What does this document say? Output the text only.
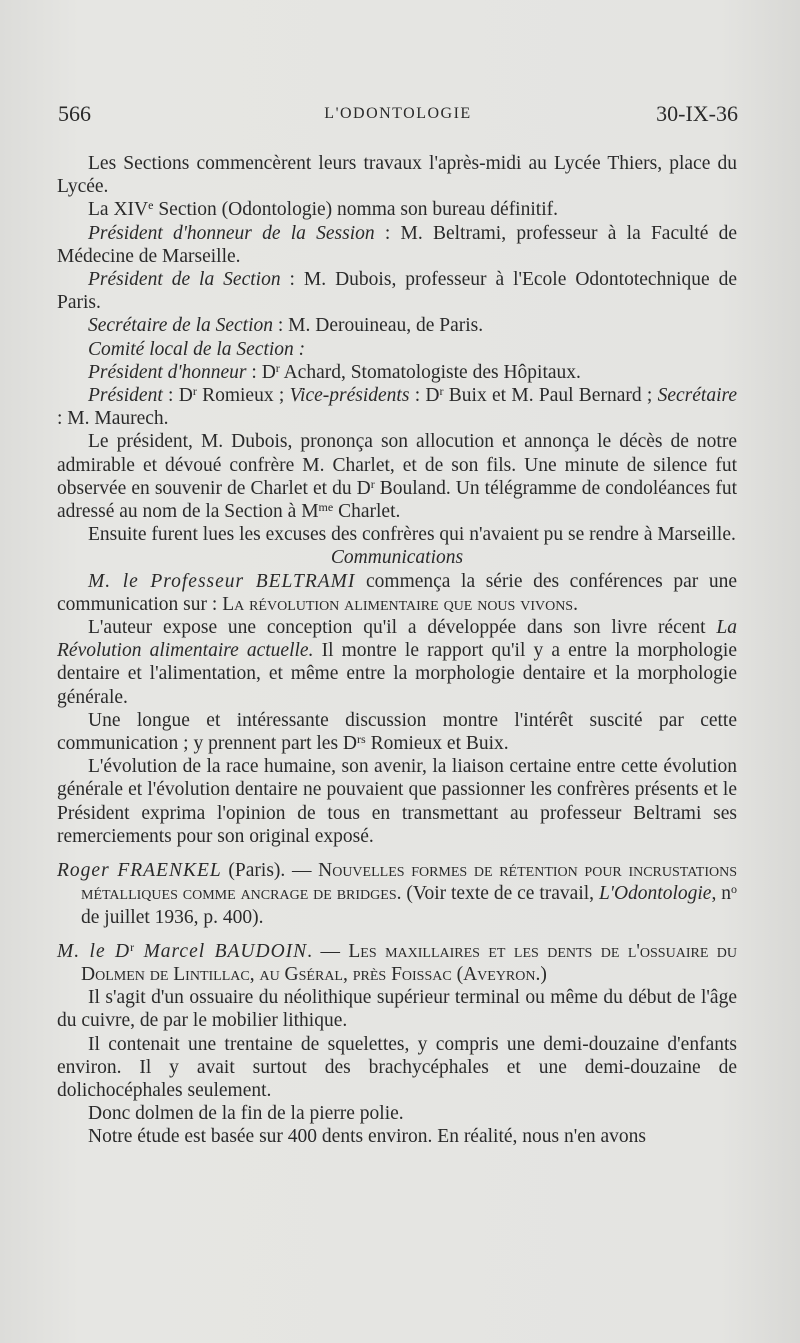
566	L'ODONTOLOGIE	30-IX-36

Les Sections commencèrent leurs travaux l'après-midi au Lycée Thiers, place du Lycée.

La XIVe Section (Odontologie) nomma son bureau définitif.

Président d'honneur de la Session : M. Beltrami, professeur à la Faculté de Médecine de Marseille.

Président de la Section : M. Dubois, professeur à l'Ecole Odontotechnique de Paris.

Secrétaire de la Section : M. Derouineau, de Paris.

Comité local de la Section :

Président d'honneur : $D^r$ Achard, Stomatologiste des Hôpitaux.

Président : $D^r$ Romieux ; Vice-présidents : $D^r$ Buix et M. Paul Bernard ; Secrétaire : M. Maurech.

Le président, M. Dubois, prononça son allocution et annonça le décès de notre admirable et dévoué confrère M. Charlet, et de son fils. Une minute de silence fut observée en souvenir de Charlet et du $D^r$ Bouland. Un télégramme de condoléances fut adressé au nom de la Section à $M^{me}$ Charlet.

Ensuite furent lues les excuses des confrères qui n'avaient pu se rendre à Marseille.

Communications

M. le Professeur BELTRAMI commença la série des conférences par une communication sur : La révolution alimentaire que nous vivons.

L'auteur expose une conception qu'il a développée dans son livre récent La Révolution alimentaire actuelle. Il montre le rapport qu'il y a entre la morphologie dentaire et l'alimentation, et même entre la morphologie dentaire et la morphologie générale.

Une longue et intéressante discussion montre l'intérêt suscité par cette communication ; y prennent part les $D^{rs}$ Romieux et Buix.

L'évolution de la race humaine, son avenir, la liaison certaine entre cette évolution générale et l'évolution dentaire ne pouvaient que passionner les confrères présents et le Président exprima l'opinion de tous en transmettant au professeur Beltrami ses remerciements pour son original exposé.

Roger FRAENKEL (Paris). — Nouvelles formes de rétention pour incrustations métalliques comme ancrage de bridges. (Voir texte de ce travail, L'Odontologie, $n^o$ de juillet 1936, p. 400).

M. le $D^r$ Marcel BAUDOIN. — Les maxillaires et les dents de l'ossuaire du Dolmen de Lintillac, au Gséral, près Foissac (Aveyron.)

Il s'agit d'un ossuaire du néolithique supérieur terminal ou même du début de l'âge du cuivre, de par le mobilier lithique.

Il contenait une trentaine de squelettes, y compris une demi-douzaine d'enfants environ. Il y avait surtout des brachycéphales et une demi-douzaine de dolichocéphales seulement.

Donc dolmen de la fin de la pierre polie.

Notre étude est basée sur 400 dents environ. En réalité, nous n'en avons
